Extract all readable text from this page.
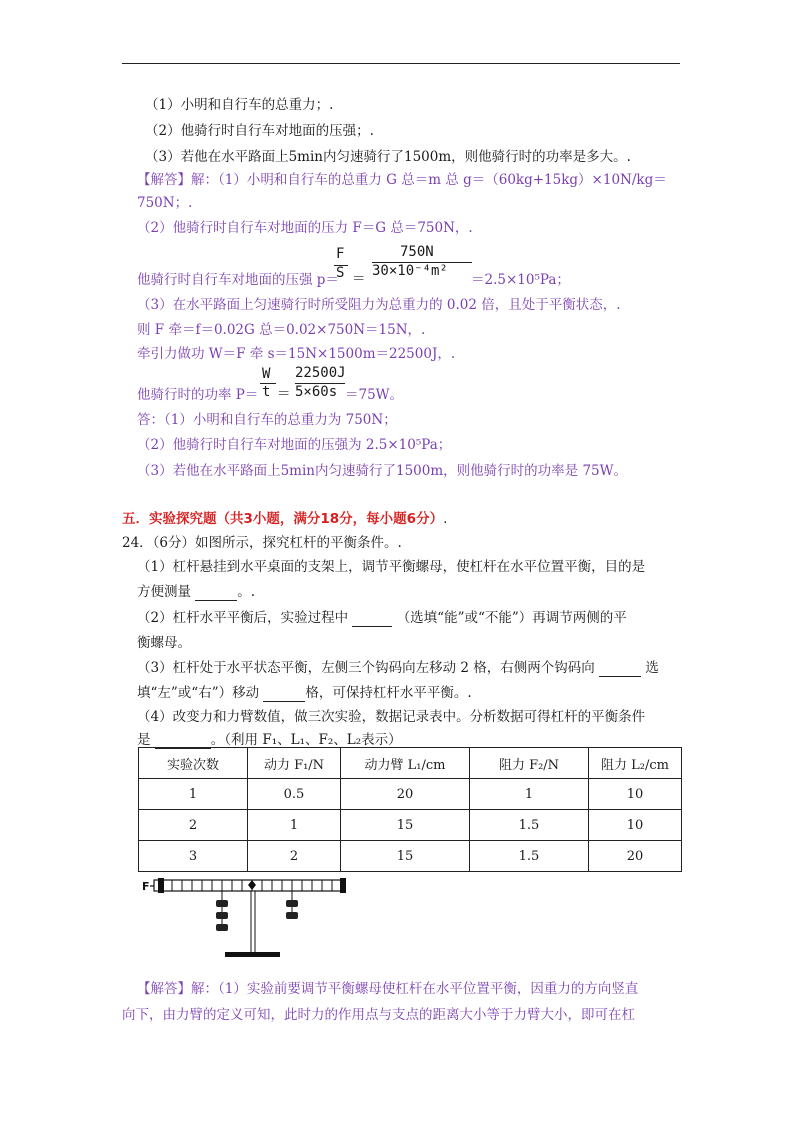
（1）小明和自行车的总重力；.
（2）他骑行时自行车对地面的压强；.
（3）若他在水平路面上5min内匀速骑行了1500m，则他骑行时的功率是多大。.
【解答】解：（1）小明和自行车的总重力 G 总＝m 总 g＝（60kg+15kg）×10N/kg＝
750N；.
（2）他骑行时自行车对地面的压力 F＝G 总＝750N，.
他骑行时自行车对地面的压强 p＝
F
S ＝
750N
30×10⁻⁴m²
＝2.5×10⁵Pa；
（3）在水平路面上匀速骑行时所受阻力为总重力的 0.02 倍，且处于平衡状态，.
则 F 牵＝f＝0.02G 总＝0.02×750N＝15N，.
牵引力做功 W＝F 牵 s＝15N×1500m＝22500J，.
他骑行时的功率 P＝
W
t ＝
22500J
5×60s ＝75W。
答：（1）小明和自行车的总重力为 750N；
（2）他骑行时自行车对地面的压强为 2.5×10⁵Pa；
（3）若他在水平路面上5min内匀速骑行了1500m，则他骑行时的功率是 75W。
五．实验探究题（共3小题，满分18分，每小题6分）.
24．（6分）如图所示，探究杠杆的平衡条件。.
（1）杠杆悬挂到水平桌面的支架上，调节平衡螺母，使杠杆在水平位置平衡，目的是
方便测量	。.
（2）杠杆水平平衡后，实验过程中	（选填“能”或“不能”）再调节两侧的平
衡螺母。
（3）杠杆处于水平状态平衡，左侧三个钩码向左移动 2 格，右侧两个钩码向	选
填“左”或“右”）移动	格，可保持杠杆水平平衡。.
（4）改变力和力臂数值，做三次实验，数据记录表中。分析数据可得杠杆的平衡条件
是	。（利用 F₁、L₁、F₂、L₂表示）
实验次数	动力 F₁/N	动力臂 L₁/cm	阻力 F₂/N	阻力 L₂/cm
1	0.5	20	1	10
2	1	15	1.5	10
3	2	15	1.5	20
F
【解答】解：（1）实验前要调节平衡螺母使杠杆在水平位置平衡，因重力的方向竖直
向下，由力臂的定义可知，此时力的作用点与支点的距离大小等于力臂大小，即可在杠
